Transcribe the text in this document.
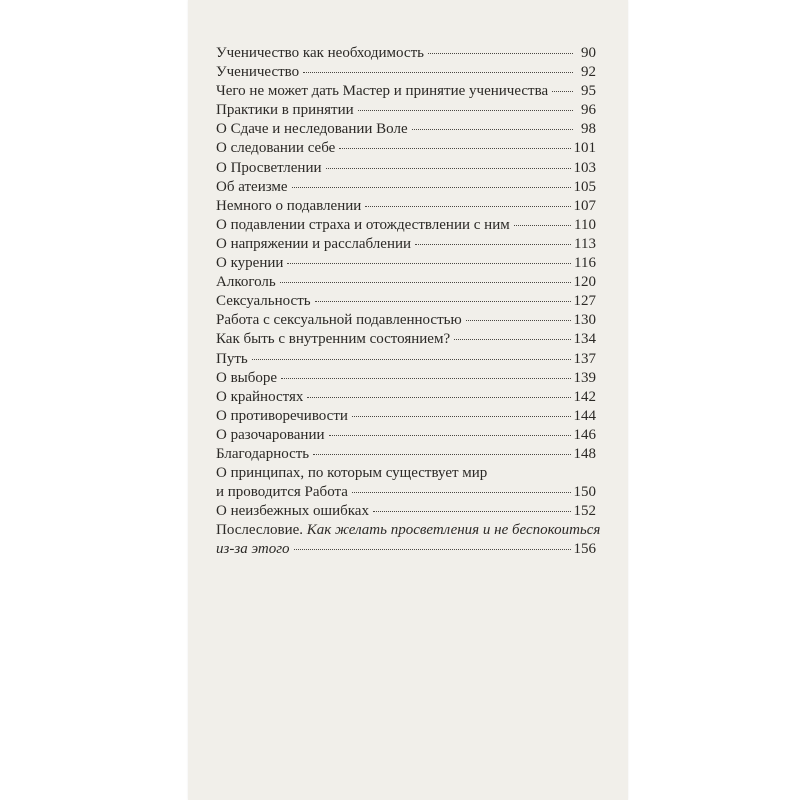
Ученичество как необходимость	90
Ученичество	92
Чего не может дать Мастер и принятие ученичества	95
Практики в принятии	96
О Сдаче и неследовании Воле	98
О следовании себе	101
О Просветлении	103
Об атеизме	105
Немного о подавлении	107
О подавлении страха и отождествлении с ним	110
О напряжении и расслаблении	113
О курении	116
Алкоголь	120
Сексуальность	127
Работа с сексуальной подавленностью	130
Как быть с внутренним состоянием?	134
Путь	137
О выборе	139
О крайностях	142
О противоречивости	144
О разочаровании	146
Благодарность	148
О принципах, по которым существует мир
и проводится Работа	150
О неизбежных ошибках	152
Послесловие. Как желать просветления и не беспокоиться
из-за этого	156
